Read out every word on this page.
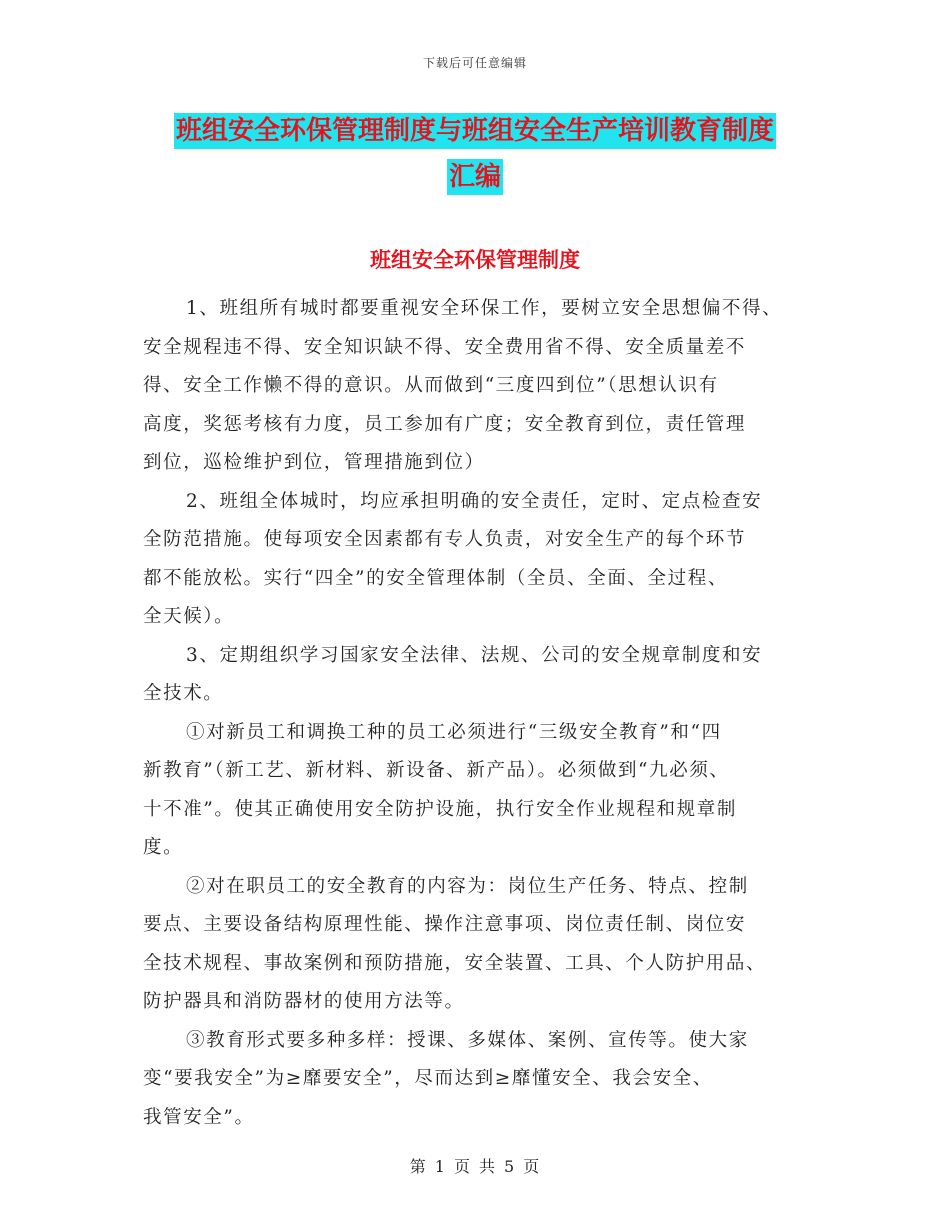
下载后可任意编辑
班组安全环保管理制度与班组安全生产培训教育制度
汇编
班组安全环保管理制度

1、班组所有城时都要重视安全环保工作，要树立安全思想偏不得、
安全规程违不得、安全知识缺不得、安全费用省不得、安全质量差不
得、安全工作懒不得的意识。从而做到“三度四到位”（思想认识有
高度，奖惩考核有力度，员工参加有广度；安全教育到位，责任管理
到位，巡检维护到位，管理措施到位）

2、班组全体城时，均应承担明确的安全责任，定时、定点检查安
全防范措施。使每项安全因素都有专人负责，对安全生产的每个环节
都不能放松。实行“四全”的安全管理体制（全员、全面、全过程、
全天候）。

3、定期组织学习国家安全法律、法规、公司的安全规章制度和安
全技术。

①对新员工和调换工种的员工必须进行“三级安全教育”和“四
新教育”（新工艺、新材料、新设备、新产品）。必须做到“九必须、
十不准”。使其正确使用安全防护设施，执行安全作业规程和规章制
度。

②对在职员工的安全教育的内容为：岗位生产任务、特点、控制
要点、主要设备结构原理性能、操作注意事项、岗位责任制、岗位安
全技术规程、事故案例和预防措施，安全装置、工具、个人防护用品、
防护器具和消防器材的使用方法等。

③教育形式要多种多样：授课、多媒体、案例、宣传等。使大家
变“要我安全”为≥靡要安全”，尽而达到≥靡懂安全、我会安全、
我管安全”。

第 1 页 共 5 页
